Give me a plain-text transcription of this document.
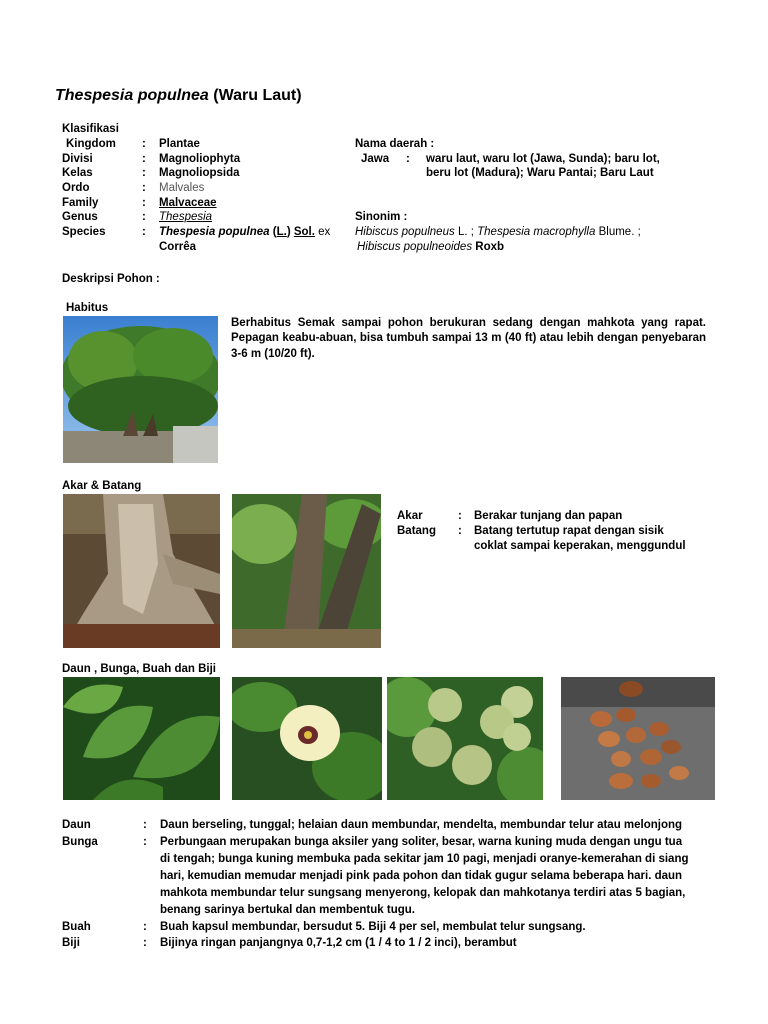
Thespesia populnea (Waru Laut)
Klasifikasi
Kingdom : Plantae
Divisi	: Magnoliophyta
Kelas	: Magnoliopsida
Ordo	: Malvales
Family	: Malvaceae
Genus	: Thespesia
Species	: Thespesia populnea (L.) Sol. ex
Corrêa
Nama daerah :
Jawa : waru laut, waru lot (Jawa, Sunda); baru lot,
beru lot (Madura); Waru Pantai; Baru Laut
Sinonim :
Hibiscus populneus L. ; Thespesia macrophylla Blume. ;
Hibiscus populneoides Roxb
Deskripsi Pohon :
Habitus
Berhabitus Semak sampai pohon berukuran sedang dengan mahkota yang rapat. Pepagan keabu-abuan, bisa tumbuh sampai 13 m (40 ft) atau lebih dengan penyebaran 3-6 m (10/20 ft).
Akar & Batang
Akar	: Berakar tunjang dan papan
Batang : Batang tertutup rapat dengan sisik
coklat sampai keperakan, menggundul
Daun , Bunga, Buah dan Biji
Daun	: Daun berseling, tunggal; helaian daun membundar, mendelta, membundar telur atau melonjong
Bunga	: Perbungaan merupakan bunga aksiler yang soliter, besar, warna kuning muda dengan ungu tua
di tengah; bunga kuning membuka pada sekitar jam 10 pagi, menjadi oranye-kemerahan di siang
hari, kemudian memudar menjadi pink pada pohon dan tidak gugur selama beberapa hari. daun
mahkota membundar telur sungsang menyerong, kelopak dan mahkotanya terdiri atas 5 bagian,
benang sarinya bertukal dan membentuk tugu.
Buah	: Buah kapsul membundar, bersudut 5. Biji 4 per sel, membulat telur sungsang.
Biji	: Bijinya ringan panjangnya 0,7-1,2 cm (1 / 4 to 1 / 2 inci), berambut
